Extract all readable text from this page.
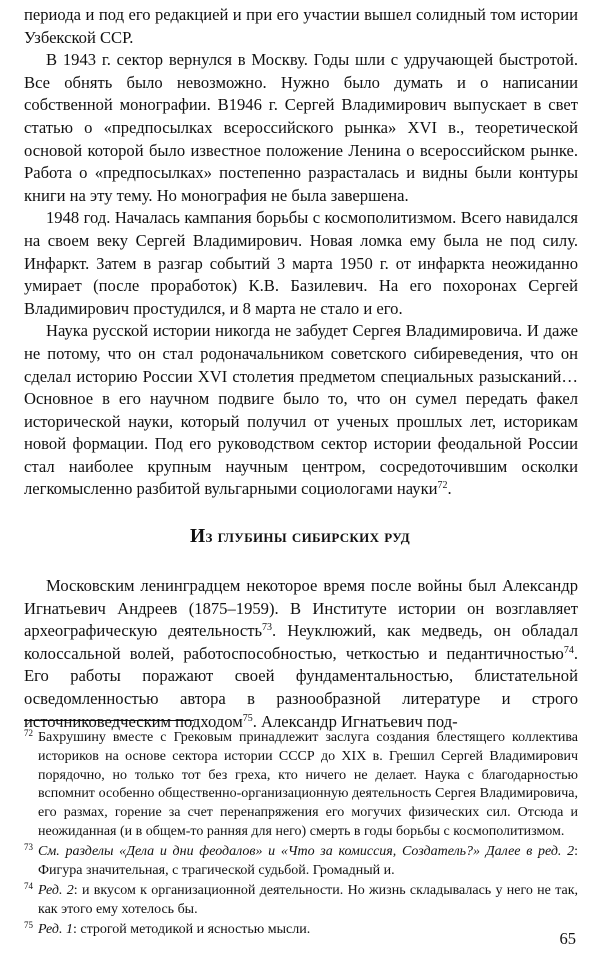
периода и под его редакцией и при его участии вышел солидный том истории Узбекской ССР.

В 1943 г. сектор вернулся в Москву. Годы шли с удручающей быстротой. Все обнять было невозможно. Нужно было думать и о написании собственной монографии. В1946 г. Сергей Владимирович выпускает в свет статью о «предпосылках всероссийского рынка» XVI в., теоретической основой которой было известное положение Ленина о всероссийском рынке. Работа о «предпосылках» постепенно разрасталась и видны были контуры книги на эту тему. Но монография не была завершена.

1948 год. Началась кампания борьбы с космополитизмом. Всего навидался на своем веку Сергей Владимирович. Новая ломка ему была не под силу. Инфаркт. Затем в разгар событий 3 марта 1950 г. от инфаркта неожиданно умирает (после проработок) К.В. Базилевич. На его похоронах Сергей Владимирович простудился, и 8 марта не стало и его.

Наука русской истории никогда не забудет Сергея Владимировича. И даже не потому, что он стал родоначальником советского сибиреведения, что он сделал историю России XVI столетия предметом специальных разысканий… Основное в его научном подвиге было то, что он сумел передать факел исторической науки, который получил от ученых прошлых лет, историкам новой формации. Под его руководством сектор истории феодальной России стал наиболее крупным научным центром, сосредоточившим осколки легкомысленно разбитой вульгарными социологами науки$^{72}$.

Из глубины сибирских руд

Московским ленинградцем некоторое время после войны был Александр Игнатьевич Андреев (1875–1959). В Институте истории он возглавляет археографическую деятельность$^{73}$. Неуклюжий, как медведь, он обладал колоссальной волей, работоспособностью, четкостью и педантичностью$^{74}$. Его работы поражают своей фундаментальностью, блистательной осведомленностью автора в разнообразной литературе и строго источниковедческим подходом$^{75}$. Александр Игнатьевич под-

72 Бахрушину вместе с Грековым принадлежит заслуга создания блестящего коллектива историков на основе сектора истории СССР до XIX в. Грешил Сергей Владимирович порядочно, но только тот без греха, кто ничего не делает. Наука с благодарностью вспомнит особенно общественно-организационную деятельность Сергея Владимировича, его размах, горение за счет перенапряжения его могучих физических сил. Отсюда и неожиданная (и в общем-то ранняя для него) смерть в годы борьбы с космополитизмом.

73 См. разделы «Дела и дни феодалов» и «Что за комиссия, Создатель?» Далее в ред. 2: Фигура значительная, с трагической судьбой. Громадный и.

74 Ред. 2: и вкусом к организационной деятельности. Но жизнь складывалась у него не так, как этого ему хотелось бы.

75 Ред. 1: строгой методикой и ясностью мысли.	65
